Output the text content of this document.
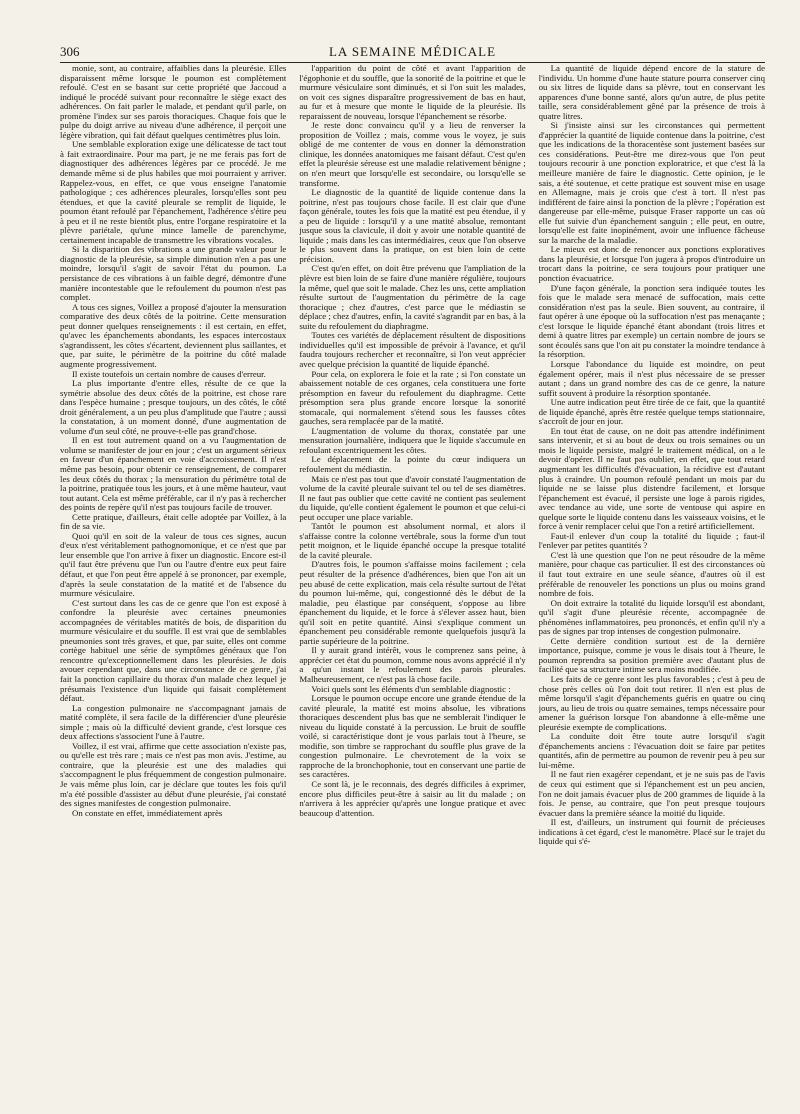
306	LA SEMAINE MÉDICALE

monie, sont, au contraire, affaiblies dans la pleurésie. Elles disparaissent même lorsque le poumon est complètement refoulé. C'est en se basant sur cette propriété que Jaccoud a indiqué le procédé suivant pour reconnaître le siège exact des adhérences. On fait parler le malade, et pendant qu'il parle, on promène l'index sur ses parois thoraciques. Chaque fois que le pulpe du doigt arrive au niveau d'une adhérence, il perçoit une légère vibration, qui fait défaut quelques centimètres plus loin.

Une semblable exploration exige une délicatesse de tact tout à fait extraordinaire. Pour ma part, je ne me ferais pas fort de diagnostiquer des adhérences légères par ce procédé. Je me demande même si de plus habiles que moi pourraient y arriver. Rappelez-vous, en effet, ce que vous enseigne l'anatomie pathologique ; ces adhérences pleurales, lorsqu'elles sont peu étendues, et que la cavité pleurale se remplit de liquide, le poumon étant refoulé par l'épanchement, l'adhérence s'étire peu à peu et il ne reste bientôt plus, entre l'organe respiratoire et la plèvre pariétale, qu'une mince lamelle de parenchyme, certainement incapable de transmettre les vibrations vocales.

Si la disparition des vibrations a une grande valeur pour le diagnostic de la pleurésie, sa simple diminution n'en a pas une moindre, lorsqu'il s'agit de savoir l'état du poumon. La persistance de ces vibrations à un faible degré, démontre d'une manière incontestable que le refoulement du poumon n'est pas complet.

A tous ces signes, Voillez a proposé d'ajouter la mensuration comparative des deux côtés de la poitrine. Cette mensuration peut donner quelques renseignements : il est certain, en effet, qu'avec les épanchements abondants, les espaces intercostaux s'agrandissent, les côtes s'écartent, deviennent plus saillantes, et que, par suite, le périmètre de la poitrine du côté malade augmente progressivement.

Il existe toutefois un certain nombre de causes d'erreur.

La plus importante d'entre elles, résulte de ce que la symétrie absolue des deux côtés de la poitrine, est chose rare dans l'espèce humaine ; presque toujours, un des côtés, le côté droit généralement, a un peu plus d'amplitude que l'autre ; aussi la constatation, à un moment donné, d'une augmentation de volume d'un seul côté, ne prouve-t-elle pas grand'chose.

Il en est tout autrement quand on a vu l'augmentation de volume se manifester de jour en jour ; c'est un argument sérieux en faveur d'un épanchement en voie d'accroissement. Il n'est même pas besoin, pour obtenir ce renseignement, de comparer les deux côtés du thorax ; la mensuration du périmètre total de la poitrine, pratiquée tous les jours, et à une même hauteur, vaut tout autant. Cela est même préférable, car il n'y pas à rechercher des points de repère qu'il n'est pas toujours facile de trouver.

Cette pratique, d'ailleurs, était celle adoptée par Voillez, à la fin de sa vie.

Quoi qu'il en soit de la valeur de tous ces signes, aucun d'eux n'est véritablement pathognomonique, et ce n'est que par leur ensemble que l'on arrive à fixer un diagnostic. Encore est-il qu'il faut être prévenu que l'un ou l'autre d'entre eux peut faire défaut, et que l'on peut être appelé à se prononcer, par exemple, d'après la seule constatation de la matité et de l'absence du murmure vésiculaire.

C'est surtout dans les cas de ce genre que l'on est exposé à confondre la pleurésie avec certaines pneumonies accompagnées de véritables matités de bois, de disparition du murmure vésiculaire et du souffle. Il est vrai que de semblables pneumonies sont très graves, et que, par suite, elles ont comme cortège habituel une série de symptômes généraux que l'on rencontre qu'exceptionnellement dans les pleurésies. Je dois avouer cependant que, dans une circonstance de ce genre, j'ai fait la ponction capillaire du thorax d'un malade chez lequel je présumais l'existence d'un liquide qui faisait complètement défaut.

La congestion pulmonaire ne s'accompagnant jamais de matité complète, il sera facile de la différencier d'une pleurésie simple ; mais où la difficulté devient grande, c'est lorsque ces deux affections s'associent l'une à l'autre.

Voillez, il est vrai, affirme que cette association n'existe pas, ou qu'elle est très rare ; mais ce n'est pas mon avis. J'estime, au contraire, que la pleurésie est une des maladies qui s'accompagnent le plus fréquemment de congestion pulmonaire. Je vais même plus loin, car je déclare que toutes les fois qu'il m'a été possible d'assister au début d'une pleurésie, j'ai constaté des signes manifestes de congestion pulmonaire.

On constate en effet, immédiatement après

l'apparition du point de côté et avant l'apparition de l'égophonie et du souffle, que la sonorité de la poitrine et que le murmure vésiculaire sont diminués, et si l'on suit les malades, on voit ces signes disparaître progressivement de bas en haut, au fur et à mesure que monte le liquide de la pleurésie. Ils reparaissent de nouveau, lorsque l'épanchement se résorbe.

Je reste donc convaincu qu'il y a lieu de renverser la proposition de Voillez ; mais, comme vous le voyez, je suis obligé de me contenter de vous en donner la démonstration clinique, les données anatomiques me faisant défaut. C'est qu'en effet la pleurésie séreuse est une maladie relativement bénigne ; on n'en meurt que lorsqu'elle est secondaire, ou lorsqu'elle se transforme.

Le diagnostic de la quantité de liquide contenue dans la poitrine, n'est pas toujours chose facile. Il est clair que d'une façon générale, toutes les fois que la matité est peu étendue, il y a peu de liquide : lorsqu'il y a une matité absolue, remontant jusque sous la clavicule, il doit y avoir une notable quantité de liquide ; mais dans les cas intermédiaires, ceux que l'on observe le plus souvent dans la pratique, on est bien loin de cette précision.

C'est qu'en effet, on doit être prévenu que l'ampliation de la plèvre est bien loin de se faire d'une manière régulière, toujours la même, quel que soit le malade. Chez les uns, cette ampliation résulte surtout de l'augmentation du périmètre de la cage thoracique ; chez d'autres, c'est parce que le médiastin se déplace ; chez d'autres, enfin, la cavité s'agrandit par en bas, à la suite du refoulement du diaphragme.

Toutes ces variétés de déplacement résultent de dispositions individuelles qu'il est impossible de prévoir à l'avance, et qu'il faudra toujours rechercher et reconnaître, si l'on veut apprécier avec quelque précision la quantité de liquide épanché.

Pour cela, on explorera le foie et la rate ; si l'on constate un abaissement notable de ces organes, cela constituera une forte présomption en faveur du refoulement du diaphragme. Cette présomption sera plus grande encore lorsque la sonorité stomacale, qui normalement s'étend sous les fausses côtes gauches, sera remplacée par de la matité.

L'augmentation de volume du thorax, constatée par une mensuration journalière, indiquera que le liquide s'accumule en refoulant excentriquement les côtes.

Le déplacement de la pointe du cœur indiquera un refoulement du médiastin.

Mais ce n'est pas tout que d'avoir constaté l'augmentation de volume de la cavité pleurale suivant tel ou tel de ses diamètres. Il ne faut pas oublier que cette cavité ne contient pas seulement du liquide, qu'elle contient également le poumon et que celui-ci peut occuper une place variable.

Tantôt le poumon est absolument normal, et alors il s'affaisse contre la colonne vertébrale, sous la forme d'un tout petit moignon, et le liquide épanché occupe la presque totalité de la cavité pleurale.

D'autres fois, le poumon s'affaisse moins facilement ; cela peut résulter de la présence d'adhérences, bien que l'on ait un peu abusé de cette explication, mais cela résulte surtout de l'état du poumon lui-même, qui, congestionné dès le début de la maladie, peu élastique par conséquent, s'oppose au libre épanchement du liquide, et le force à s'élever assez haut, bien qu'il soit en petite quantité. Ainsi s'explique comment un épanchement peu considérable remonte quelquefois jusqu'à la partie supérieure de la poitrine.

Il y aurait grand intérêt, vous le comprenez sans peine, à apprécier cet état du poumon, comme nous avons apprécié il n'y a qu'un instant le refoulement des parois pleurales. Malheureusement, ce n'est pas là chose facile.

Voici quels sont les éléments d'un semblable diagnostic :

Lorsque le poumon occupe encore une grande étendue de la cavité pleurale, la matité est moins absolue, les vibrations thoraciques descendent plus bas que ne semblerait l'indiquer le niveau du liquide constaté à la percussion. Le bruit de souffle voilé, si caractéristique dont je vous parlais tout à l'heure, se modifie, son timbre se rapprochant du souffle plus grave de la congestion pulmonaire. Le chevrotement de la voix se rapproche de la bronchophonie, tout en conservant une partie de ses caractères.

Ce sont là, je le reconnais, des degrés difficiles à exprimer, encore plus difficiles peut-être à saisir au lit du malade ; on n'arrivera à les apprécier qu'après une longue pratique et avec beaucoup d'attention.

La quantité de liquide dépend encore de la stature de l'individu. Un homme d'une haute stature pourra conserver cinq ou six litres de liquide dans sa plèvre, tout en conservant les apparences d'une bonne santé, alors qu'un autre, de plus petite taille, sera considérablement gêné par la présence de trois à quatre litres.

Si j'insiste ainsi sur les circonstances qui permettent d'apprécier la quantité de liquide contenue dans la poitrine, c'est que les indications de la thoracentèse sont justement basées sur ces considérations. Peut-être me direz-vous que l'on peut toujours recourir à une ponction exploratrice, et que c'est là la meilleure manière de faire le diagnostic. Cette opinion, je le sais, a été soutenue, et cette pratique est souvent mise en usage en Allemagne, mais je crois que c'est à tort. Il n'est pas indifférent de faire ainsi la ponction de la plèvre ; l'opération est dangereuse par elle-même, puisque Fraser rapporte un cas où elle fut suivie d'un épanchement sanguin ; elle peut, en outre, lorsqu'elle est faite inopinément, avoir une influence fâcheuse sur la marche de la maladie.

Le mieux est donc de renoncer aux ponctions exploratives dans la pleurésie, et lorsque l'on jugera à propos d'introduire un trocart dans la poitrine, ce sera toujours pour pratiquer une ponction évacuatrice.

D'une façon générale, la ponction sera indiquée toutes les fois que le malade sera menacé de suffocation, mais cette considération n'est pas la seule. Bien souvent, au contraire, il faut opérer à une époque où la suffocation n'est pas menaçante ; c'est lorsque le liquide épanché étant abondant (trois litres et demi à quatre litres par exemple) un certain nombre de jours se sont écoulés sans que l'on ait pu constater la moindre tendance à la résorption.

Lorsque l'abondance du liquide est moindre, on peut également opérer, mais il n'est plus nécessaire de se presser autant ; dans un grand nombre des cas de ce genre, la nature suffit souvent à produire la résorption spontanée.

Une autre indication peut être tirée de ce fait, que la quantité de liquide épanché, après être restée quelque temps stationnaire, s'accroît de jour en jour.

En tout état de cause, on ne doit pas attendre indéfiniment sans intervenir, et si au bout de deux ou trois semaines ou un mois le liquide persiste, malgré le traitement médical, on a le devoir d'opérer. Il ne faut pas oublier, en effet, que tout retard augmentant les difficultés d'évacuation, la récidive est d'autant plus à craindre. Un poumon refoulé pendant un mois par du liquide ne se laisse plus distendre facilement, et lorsque l'épanchement est évacué, il persiste une loge à parois rigides, avec tendance au vide, une sorte de ventouse qui aspire en quelque sorte le liquide contenu dans les vaisseaux voisins, et le force à venir remplacer celui que l'on a retiré artificiellement.

Faut-il enlever d'un coup la totalité du liquide ; faut-il l'enlever par petites quantités ?

C'est là une question que l'on ne peut résoudre de la même manière, pour chaque cas particulier. Il est des circonstances où il faut tout extraire en une seule séance, d'autres où il est préférable de renouveler les ponctions un plus ou moins grand nombre de fois.

On doit extraire la totalité du liquide lorsqu'il est abondant, qu'il s'agit d'une pleurésie récente, accompagnée de phénomènes inflammatoires, peu prononcés, et enfin qu'il n'y a pas de signes par trop intenses de congestion pulmonaire.

Cette dernière condition surtout est de la dernière importance, puisque, comme je vous le disais tout à l'heure, le poumon reprendra sa position première avec d'autant plus de facilité que sa structure intime sera moins modifiée.

Les faits de ce genre sont les plus favorables ; c'est à peu de chose près celles où l'on doit tout retirer. Il n'en est plus de même lorsqu'il s'agit d'épanchements guéris en quatre ou cinq jours, au lieu de trois ou quatre semaines, temps nécessaire pour amener la guérison lorsque l'on abandonne à elle-même une pleurésie exempte de complications.

La conduite doit être toute autre lorsqu'il s'agit d'épanchements anciens : l'évacuation doit se faire par petites quantités, afin de permettre au poumon de revenir peu à peu sur lui-même.

Il ne faut rien exagérer cependant, et je ne suis pas de l'avis de ceux qui estiment que si l'épanchement est un peu ancien, l'on ne doit jamais évacuer plus de 200 grammes de liquide à la fois. Je pense, au contraire, que l'on peut presque toujours évacuer dans la première séance la moitié du liquide.

Il est, d'ailleurs, un instrument qui fournit de précieuses indications à cet égard, c'est le manomètre. Placé sur le trajet du liquide qui s'é-
